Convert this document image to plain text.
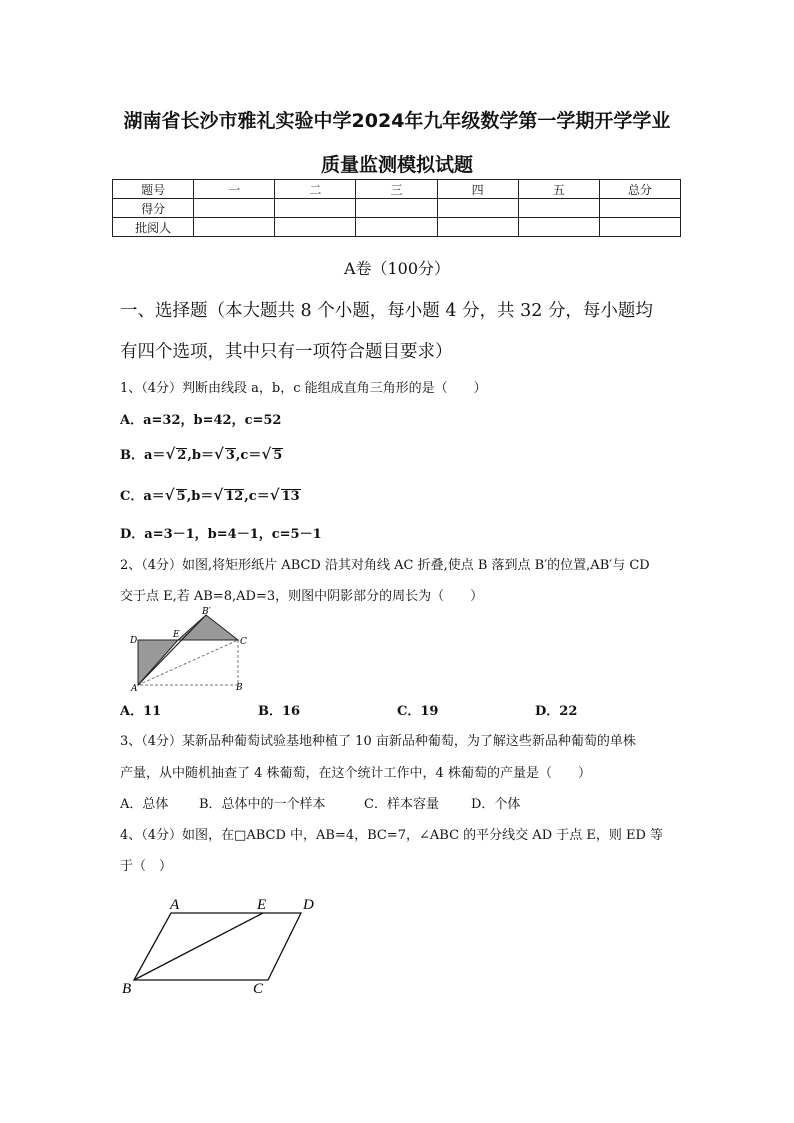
湖南省长沙市雅礼实验中学2024年九年级数学第一学期开学学业
质量监测模拟试题
题号	一	二	三	四	五	总分
得分						
批阅人						
A卷（100分）
一、选择题（本大题共 8 个小题，每小题 4 分，共 32 分，每小题均
有四个选项，其中只有一项符合题目要求）
1、（4分）判断由线段 a，b，c 能组成直角三角形的是（　　）
A．a=32，b=42，c=52
B．a＝√ 2,b＝√ 3,c＝√ 5
C．a＝√ 5,b＝√ 12,c＝√ 13
D．a=3－1，b=4－1，c=5－1
2、（4分）如图,将矩形纸片 ABCD 沿其对角线 AC 折叠,使点 B 落到点 B′的位置,AB′与 CD
交于点 E,若 AB=8,AD=3，则图中阴影部分的周长为（　　）
D
E
B′
C
A	B
A．11	B．16	C．19	D．22
3、（4分）某新品种葡萄试验基地种植了 10 亩新品种葡萄，为了解这些新品种葡萄的单株
产量，从中随机抽查了 4 株葡萄，在这个统计工作中，4 株葡萄的产量是（　　）
A．总体 B．总体中的一个样本	C．样本容量 D．个体
4、（4分）如图，在□ABCD 中，AB=4，BC=7，∠ABC 的平分线交 AD 于点 E，则 ED 等
于（　）
A	E D
B	C
